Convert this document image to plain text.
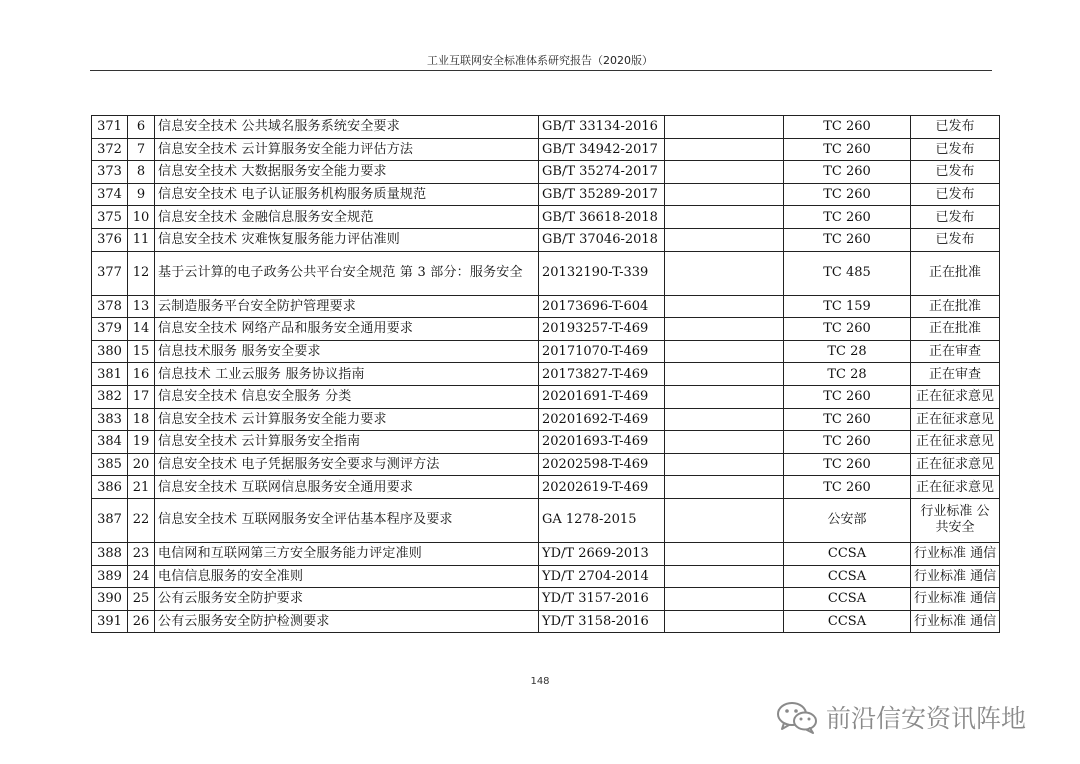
工业互联网安全标准体系研究报告（2020版）
371	6	信息安全技术 公共域名服务系统安全要求	GB/T 33134-2016		TC 260	已发布
372	7	信息安全技术 云计算服务安全能力评估方法	GB/T 34942-2017		TC 260	已发布
373	8	信息安全技术 大数据服务安全能力要求	GB/T 35274-2017		TC 260	已发布
374	9	信息安全技术 电子认证服务机构服务质量规范	GB/T 35289-2017		TC 260	已发布
375	10	信息安全技术 金融信息服务安全规范	GB/T 36618-2018		TC 260	已发布
376	11	信息安全技术 灾难恢复服务能力评估准则	GB/T 37046-2018		TC 260	已发布
377	12	基于云计算的电子政务公共平台安全规范 第 3 部分：服务安全	20132190-T-339		TC 485	正在批准
378	13	云制造服务平台安全防护管理要求	20173696-T-604		TC 159	正在批准
379	14	信息安全技术 网络产品和服务安全通用要求	20193257-T-469		TC 260	正在批准
380	15	信息技术服务 服务安全要求	20171070-T-469		TC 28	正在审查
381	16	信息技术 工业云服务 服务协议指南	20173827-T-469		TC 28	正在审查
382	17	信息安全技术 信息安全服务 分类	20201691-T-469		TC 260	正在征求意见
383	18	信息安全技术 云计算服务安全能力要求	20201692-T-469		TC 260	正在征求意见
384	19	信息安全技术 云计算服务安全指南	20201693-T-469		TC 260	正在征求意见
385	20	信息安全技术 电子凭据服务安全要求与测评方法	20202598-T-469		TC 260	正在征求意见
386	21	信息安全技术 互联网信息服务安全通用要求	20202619-T-469		TC 260	正在征求意见
387	22	信息安全技术 互联网服务安全评估基本程序及要求	GA 1278-2015		公安部	行业标准 公共安全
388	23	电信网和互联网第三方安全服务能力评定准则	YD/T 2669-2013		CCSA	行业标准 通信
389	24	电信信息服务的安全准则	YD/T 2704-2014		CCSA	行业标准 通信
390	25	公有云服务安全防护要求	YD/T 3157-2016		CCSA	行业标准 通信
391	26	公有云服务安全防护检测要求	YD/T 3158-2016		CCSA	行业标准 通信
148
前沿信安资讯阵地
